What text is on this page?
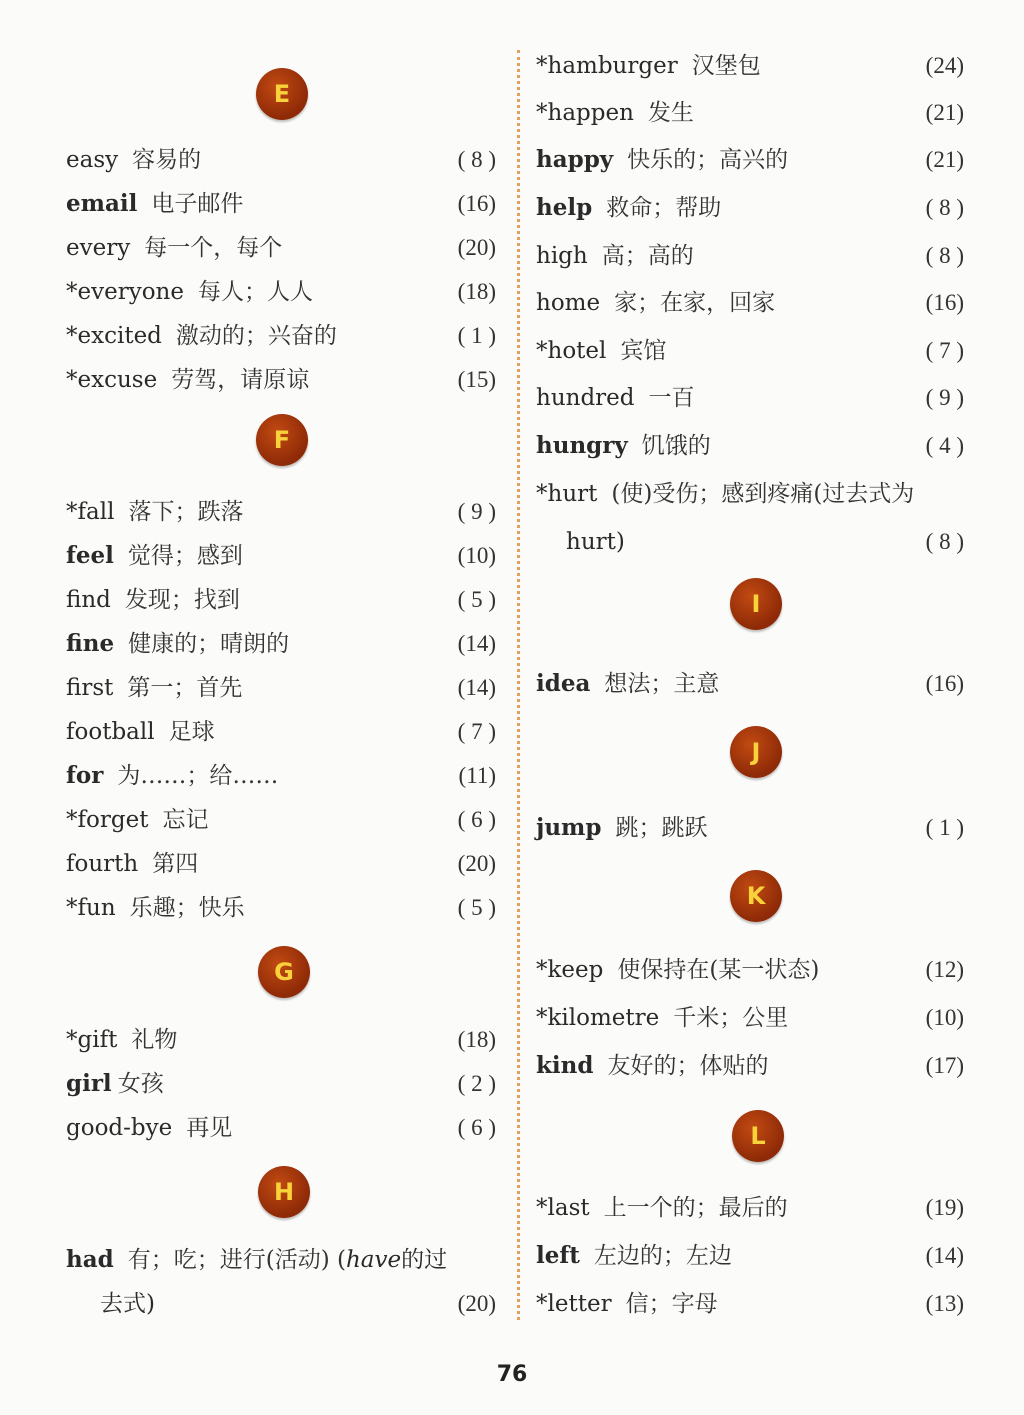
E
easy 容易的	( 8 )
email 电子邮件	(16)
every 每一个，每个	(20)
*everyone 每人；人人	(18)
*excited 激动的；兴奋的	( 1 )
*excuse 劳驾，请原谅	(15)
F
*fall 落下；跌落	( 9 )
feel 觉得；感到	(10)
find 发现；找到	( 5 )
fine 健康的；晴朗的	(14)
first 第一；首先	(14)
football 足球	( 7 )
for 为……；给……	(11)
*forget 忘记	( 6 )
fourth 第四	(20)
*fun 乐趣；快乐	( 5 )
G
*gift 礼物	(18)
girl 女孩	( 2 )
good-bye 再见	( 6 )
H
had 有；吃；进行(活动) (have的过
去式)	(20)
*hamburger 汉堡包	(24)
*happen 发生	(21)
happy 快乐的；高兴的	(21)
help 救命；帮助	( 8 )
high 高；高的	( 8 )
home 家；在家，回家	(16)
*hotel 宾馆	( 7 )
hundred 一百	( 9 )
hungry 饥饿的	( 4 )
*hurt (使)受伤；感到疼痛(过去式为
hurt)	( 8 )
I
idea 想法；主意	(16)
J
jump 跳；跳跃	( 1 )
K
*keep 使保持在(某一状态)	(12)
*kilometre 千米；公里	(10)
kind 友好的；体贴的	(17)
L
*last 上一个的；最后的	(19)
left 左边的；左边	(14)
*letter 信；字母	(13)
76
